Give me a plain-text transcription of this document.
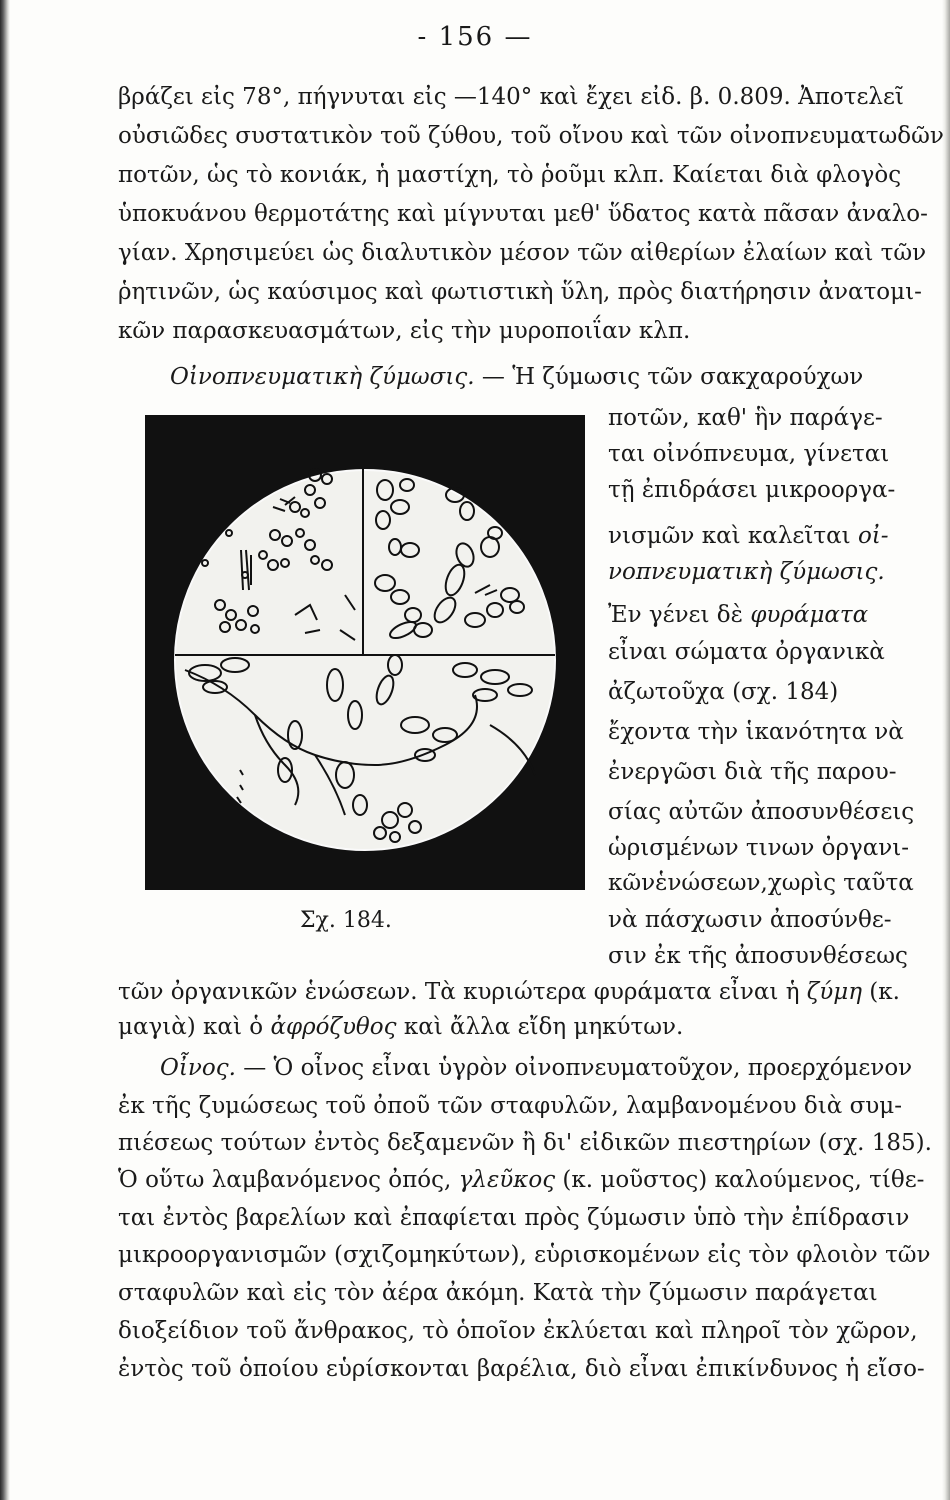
- 156 —
βράζει εἰς 78°, πήγνυται εἰς —140° καὶ ἔχει εἰδ. β. 0.809. Ἀποτελεῖ
οὐσιῶδες συστατικὸν τοῦ ζύθου, τοῦ οἴνου καὶ τῶν οἰνοπνευματωδῶν
ποτῶν, ὡς τὸ κονιάκ, ἡ μαστίχη, τὸ ῥοῦμι κλπ. Καίεται διὰ φλογὸς
ὑποκυάνου θερμοτάτης καὶ μίγνυται μεθ' ὕδατος κατὰ πᾶσαν ἀναλο-
γίαν. Χρησιμεύει ὡς διαλυτικὸν μέσον τῶν αἰθερίων ἐλαίων καὶ τῶν
ῥητινῶν, ὡς καύσιμος καὶ φωτιστικὴ ὕλη, πρὸς διατήρησιν ἀνατομι-
κῶν παρασκευασμάτων, εἰς τὴν μυροποιΐαν κλπ.
Οἰνοπνευματικὴ ζύμωσις. — Ἡ ζύμωσις τῶν σακχαρούχων
ποτῶν, καθ' ἣν παράγε-
ται οἰνόπνευμα, γίνεται
τῇ ἐπιδράσει μικροοργα-
νισμῶν καὶ καλεῖται οἰ-
νοπνευματικὴ ζύμωσις.
Ἐν γένει δὲ φυράματα
εἶναι σώματα ὀργανικὰ
ἀζωτοῦχα (σχ. 184)
ἔχοντα τὴν ἱκανότητα νὰ
ἐνεργῶσι διὰ τῆς παρου-
σίας αὐτῶν ἀποσυνθέσεις
ὡρισμένων τινων ὀργανι-
κῶνἑνώσεων,χωρὶς ταῦτα
νὰ πάσχωσιν ἀποσύνθε-
σιν ἐκ τῆς ἀποσυνθέσεως
τῶν ὀργανικῶν ἑνώσεων. Τὰ κυριώτερα φυράματα εἶναι ἡ ζύμη (κ.
μαγιὰ) καὶ ὁ ἀφρόζυθος καὶ ἄλλα εἴδη μηκύτων.
Οἶνος. — Ὁ οἶνος εἶναι ὑγρὸν οἰνοπνευματοῦχον, προερχόμενον
ἐκ τῆς ζυμώσεως τοῦ ὀποῦ τῶν σταφυλῶν, λαμβανομένου διὰ συμ-
πιέσεως τούτων ἐντὸς δεξαμενῶν ἢ δι' εἰδικῶν πιεστηρίων (σχ. 185).
Ὁ οὕτω λαμβανόμενος ὀπός, γλεῦκος (κ. μοῦστος) καλούμενος, τίθε-
ται ἐντὸς βαρελίων καὶ ἐπαφίεται πρὸς ζύμωσιν ὑπὸ τὴν ἐπίδρασιν
μικροοργανισμῶν (σχιζομηκύτων), εὑρισκομένων εἰς τὸν φλοιὸν τῶν
σταφυλῶν καὶ εἰς τὸν ἀέρα ἀκόμη. Κατὰ τὴν ζύμωσιν παράγεται
διοξείδιον τοῦ ἄνθρακος, τὸ ὁποῖον ἐκλύεται καὶ πληροῖ τὸν χῶρον,
ἐντὸς τοῦ ὁποίου εὑρίσκονται βαρέλια, διὸ εἶναι ἐπικίνδυνος ἡ εἴσο-
Σχ. 184.
